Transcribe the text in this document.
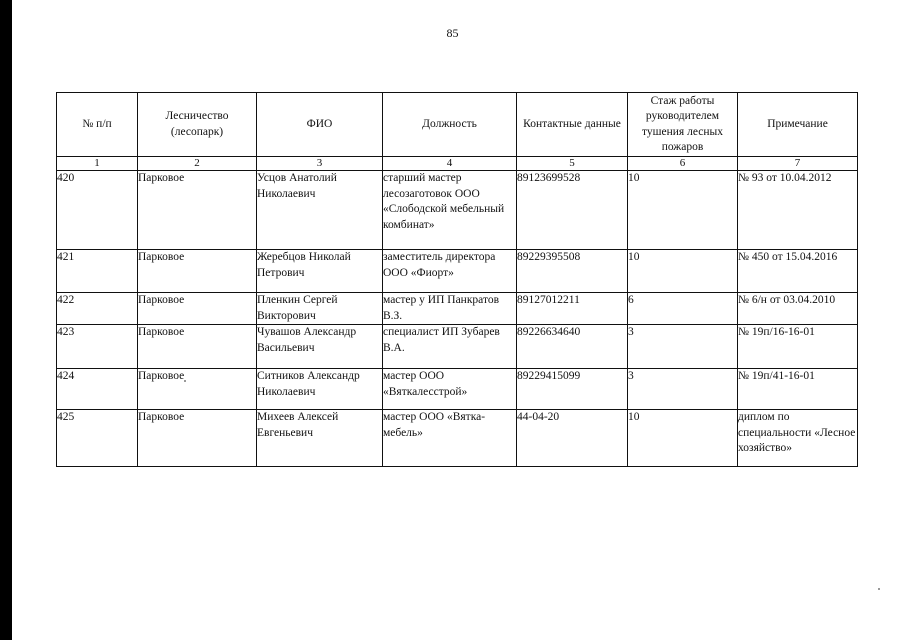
85
№ п/п	Лесничество (лесопарк)	ФИО	Должность	Контактные данные	Стаж работы руководителем тушения лесных пожаров	Примечание
1	2	3	4	5	6	7
420	Парковое	Усцов Анатолий Николаевич	старший мастер лесозаготовок ООО «Слободской мебельный комбинат»	89123699528	10	№ 93 от 10.04.2012
421	Парковое	Жеребцов Николай Петрович	заместитель директора ООО «Фиорт»	89229395508	10	№ 450 от 15.04.2016
422	Парковое	Пленкин Сергей Викторович	мастер у ИП Панкратов В.З.	89127012211	6	№ 6/н от 03.04.2010
423	Парковое	Чувашов Александр Васильевич	специалист ИП Зубарев В.А.	89226634640	3	№ 19п/16-16-01
424	Парковое	Ситников Александр Николаевич	мастер ООО «Вяткалесстрой»	89229415099	3	№ 19п/41-16-01
425	Парковое	Михеев Алексей Евгеньевич	мастер ООО «Вятка-мебель»	44-04-20	10	диплом по специальности «Лесное хозяйство»
